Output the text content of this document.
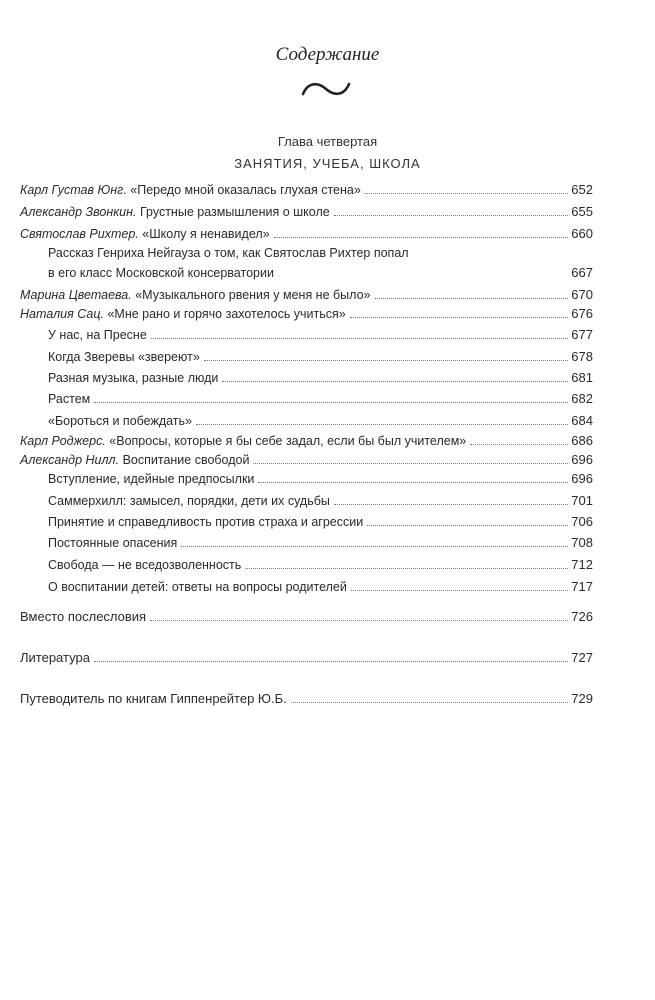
Содержание
Глава четвертая
ЗАНЯТИЯ, УЧЕБА, ШКОЛА
Карл Густав Юнг. «Передо мной оказалась глухая стена»	652
Александр Звонкин. Грустные размышления о школе	655
Святослав Рихтер. «Школу я ненавидел»	660
Рассказ Генриха Нейгауза о том, как Святослав Рихтер попал
в его класс Московской консерватории	667
Марина Цветаева. «Музыкального рвения у меня не было»	670
Наталия Сац. «Мне рано и горячо захотелось учиться»	676
У нас, на Пресне	677
Когда Зверевы «звереют»	678
Разная музыка, разные люди	681
Растем	682
«Бороться и побеждать»	684
Карл Роджерс. «Вопросы, которые я бы себе задал, если бы был учителем»	686
Александр Нилл. Воспитание свободой	696
Вступление, идейные предпосылки	696
Саммерхилл: замысел, порядки, дети их судьбы	701
Принятие и справедливость против страха и агрессии	706
Постоянные опасения	708
Свобода — не вседозволенность	712
О воспитании детей: ответы на вопросы родителей	717
Вместо послесловия	726
Литература	727
Путеводитель по книгам Гиппенрейтер Ю.Б.	729
